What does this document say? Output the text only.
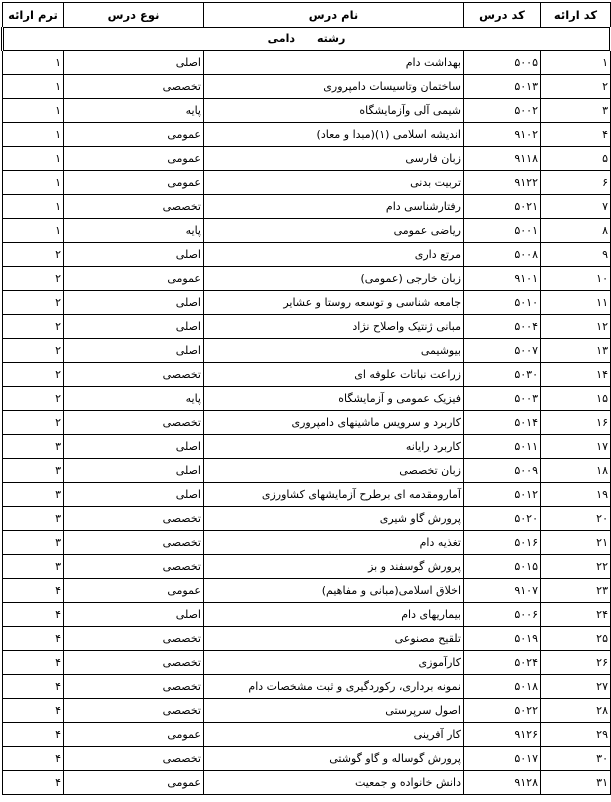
کد ارائه	کد درس	نام درس	نوع درس	ترم ارائه
رشتهدامی				
۱	۵۰۰۵	بهداشت دام	اصلی	۱
۲	۵۰۱۳	ساختمان وتاسیسات دامپروری	تخصصی	۱
۳	۵۰۰۲	شیمی آلی وآزمایشگاه	پایه	۱
۴	۹۱۰۲	اندیشه اسلامی (۱)(مبدا و معاد)	عمومی	۱
۵	۹۱۱۸	زبان فارسی	عمومی	۱
۶	۹۱۲۲	تربیت بدنی	عمومی	۱
۷	۵۰۲۱	رفتارشناسی دام	تخصصی	۱
۸	۵۰۰۱	ریاضی عمومی	پایه	۱
۹	۵۰۰۸	مرتع داری	اصلی	۲
۱۰	۹۱۰۱	زبان خارجی (عمومی)	عمومی	۲
۱۱	۵۰۱۰	جامعه شناسی و توسعه روستا و عشایر	اصلی	۲
۱۲	۵۰۰۴	مبانی ژنتیک واصلاح نژاد	اصلی	۲
۱۳	۵۰۰۷	بیوشیمی	اصلی	۲
۱۴	۵۰۳۰	زراعت نباتات علوفه ای	تخصصی	۲
۱۵	۵۰۰۳	فیزیک عمومی و آزمایشگاه	پایه	۲
۱۶	۵۰۱۴	کاربرد و سرویس ماشینهای دامپروری	تخصصی	۲
۱۷	۵۰۱۱	کاربرد رایانه	اصلی	۳
۱۸	۵۰۰۹	زبان تخصصی	اصلی	۳
۱۹	۵۰۱۲	آمارومقدمه ای برطرح آزمایشهای کشاورزی	اصلی	۳
۲۰	۵۰۲۰	پرورش گاو شیری	تخصصی	۳
۲۱	۵۰۱۶	تغذیه دام	تخصصی	۳
۲۲	۵۰۱۵	پرورش گوسفند و بز	تخصصی	۳
۲۳	۹۱۰۷	اخلاق اسلامی(مبانی و مفاهیم)	عمومی	۴
۲۴	۵۰۰۶	بیماریهای دام	اصلی	۴
۲۵	۵۰۱۹	تلقیح مصنوعی	تخصصی	۴
۲۶	۵۰۲۴	کارآموزی	تخصصی	۴
۲۷	۵۰۱۸	نمونه برداری، رکوردگیری و ثبت مشخصات دام	تخصصی	۴
۲۸	۵۰۲۲	اصول سرپرستی	تخصصی	۴
۲۹	۹۱۲۶	کار آفرینی	عمومی	۴
۳۰	۵۰۱۷	پرورش گوساله و گاو گوشتی	تخصصی	۴
۳۱	۹۱۲۸	دانش خانواده و جمعیت	عمومی	۴
